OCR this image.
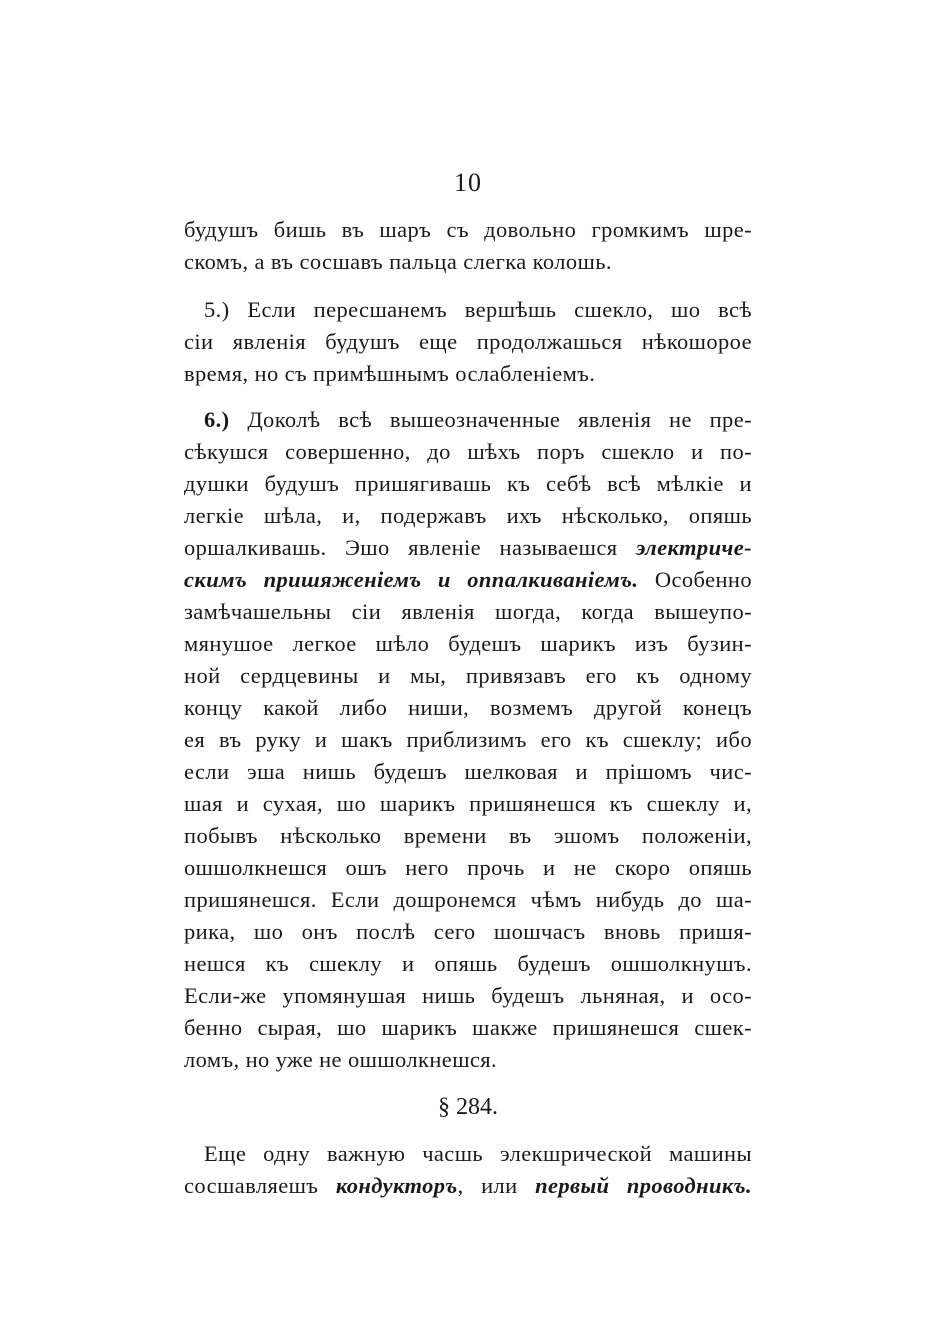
10
будушъ бишь въ шаръ съ довольно громкимъ шре-
скомъ, а въ сосшавъ пальца слегка колошь.
5.) Если пересшанемъ вершѣшь сшекло, шо всѣ
сіи явленія будушъ еще продолжашься нѣкошорое
время, но съ примѣшнымъ ослабленіемъ.
6.) Доколѣ всѣ вышеозначенные явленія не пре-
сѣкушся совершенно, до шѣхъ поръ сшекло и по-
душки будушъ пришягивашь къ себѣ всѣ мѣлкіе и
легкіе шѣла, и, подержавъ ихъ нѣсколько, опяшь
оршалкивашь. Эшо явленіе называешся электриче-
скимъ пришяженіемъ и оппалкиваніемъ. Особенно
замѣчашельны сіи явленія шогда, когда вышеупо-
мянушое легкое шѣло будешъ шарикъ изъ бузин-
ной сердцевины и мы, привязавъ его къ одному
концу какой либо ниши, возмемъ другой конецъ
ея въ руку и шакъ приблизимъ его къ сшеклу; ибо
если эша нишь будешъ шелковая и прішомъ чис-
шая и сухая, шо шарикъ пришянешся къ сшеклу и,
побывъ нѣсколько времени въ эшомъ положеніи,
ошшолкнешся ошъ него прочь и не скоро опяшь
пришянешся. Если дошронемся чѣмъ нибудь до ша-
рика, шо онъ послѣ сего шошчасъ вновь пришя-
нешся къ сшеклу и опяшь будешъ ошшолкнушъ.
Если-же упомянушая нишь будешъ льняная, и осо-
бенно сырая, шо шарикъ шакже пришянешся сшек-
ломъ, но уже не ошшолкнешся.
§ 284.
Еще одну важную часшь элекшрической машины
сосшавляешъ кондукторъ, или первый проводникъ.
